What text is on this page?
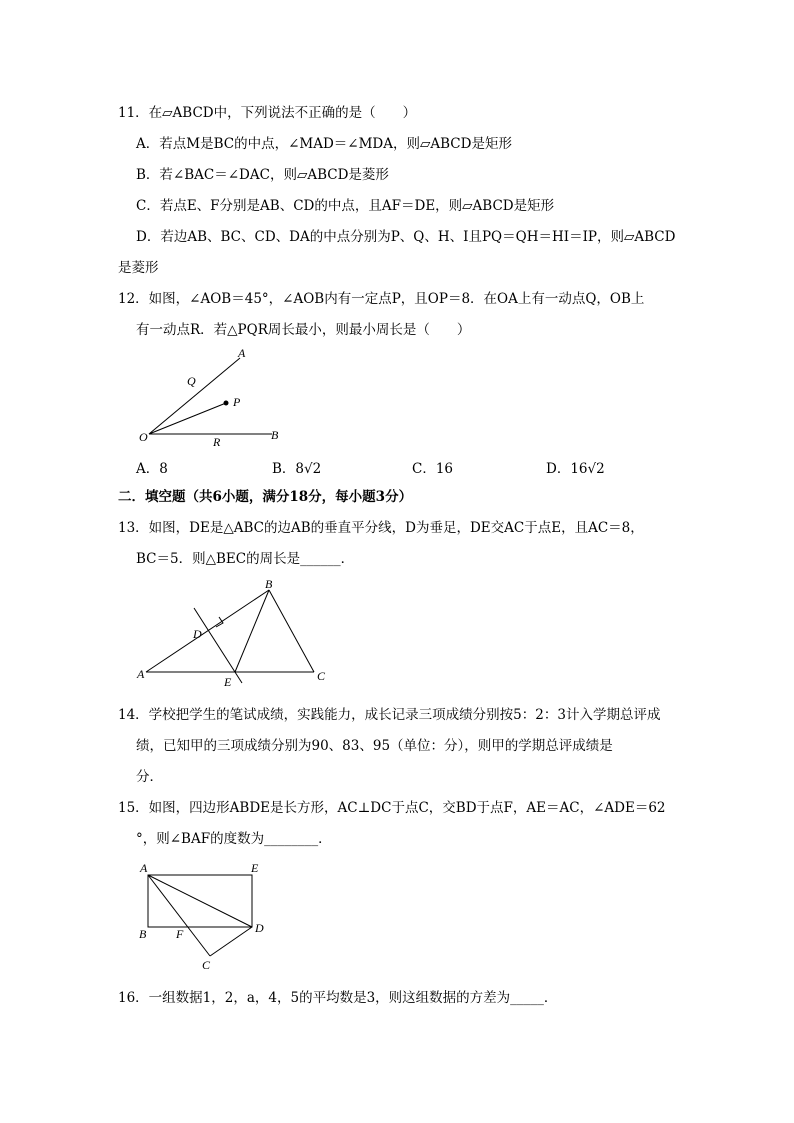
11．在▱ABCD中，下列说法不正确的是（　　）
A．若点M是BC的中点，∠MAD＝∠MDA，则▱ABCD是矩形
B．若∠BAC＝∠DAC，则▱ABCD是菱形
C．若点E、F分别是AB、CD的中点，且AF＝DE，则▱ABCD是矩形
D．若边AB、BC、CD、DA的中点分别为P、Q、H、I且PQ＝QH＝HI＝IP，则▱ABCD
是菱形
12．如图，∠AOB＝45°，∠AOB内有一定点P，且OP＝8．在OA上有一动点Q，OB上
有一动点R．若△PQR周长最小，则最小周长是（　　）
A
Q
P
O	R	B
A．8	B．8√2	C．16	D．16√2
二．填空题（共6小题，满分18分，每小题3分）
13．如图，DE是△ABC的边AB的垂直平分线，D为垂足，DE交AC于点E，且AC＝8，
BC＝5．则△BEC的周长是______．
B
D
A
E	C
14．学校把学生的笔试成绩，实践能力，成长记录三项成绩分别按5：2：3计入学期总评成
绩，已知甲的三项成绩分别为90、83、95（单位：分），则甲的学期总评成绩是
分．
15．如图，四边形ABDE是长方形，AC⊥DC于点C，交BD于点F，AE＝AC，∠ADE＝62
°，则∠BAF的度数为________．
A	E
B F	D
C
16．一组数据1，2，a，4，5的平均数是3，则这组数据的方差为_____．
